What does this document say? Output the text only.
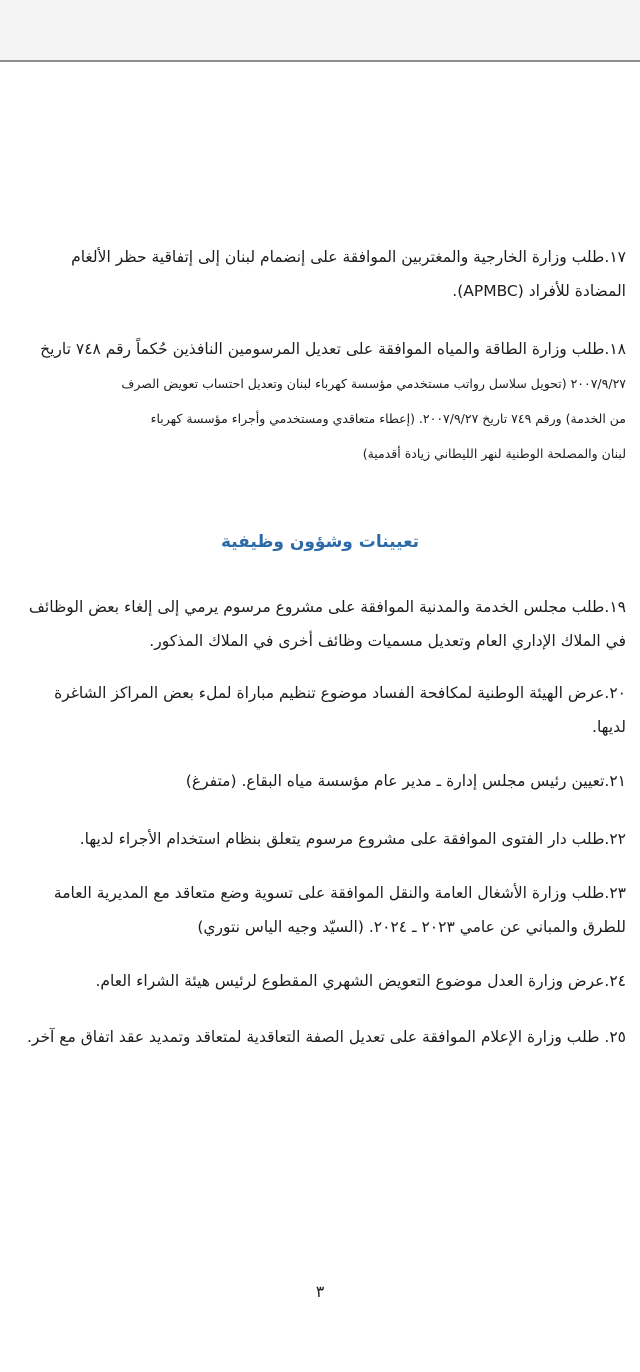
١٧.طلب وزارة الخارجية والمغتربين الموافقة على إنضمام لبنان إلى إتفاقية حظر الألغام
المضادة للأفراد (APMBC).
١٨.طلب وزارة الطاقة والمياه الموافقة على تعديل المرسومين النافذين حُكماً رقم ٧٤٨ تاريخ
٢٠٠٧/٩/٢٧ (تحويل سلاسل رواتب مستخدمي مؤسسة كهرباء لبنان وتعديل احتساب تعويض الصرف
من الخدمة) ورقم ٧٤٩ تاريخ ٢٠٠٧/٩/٢٧. (إعطاء متعاقدي ومستخدمي وأجراء مؤسسة كهرباء
لبنان والمصلحة الوطنية لنهر الليطاني زيادة أقدمية)
تعيينات وشؤون وظيفية
١٩.طلب مجلس الخدمة والمدنية الموافقة على مشروع مرسوم يرمي إلى إلغاء بعض الوظائف
في الملاك الإداري العام وتعديل مسميات وظائف أخرى في الملاك المذكور.
٢٠.عرض الهيئة الوطنية لمكافحة الفساد موضوع تنظيم مباراة لملء بعض المراكز الشاغرة
لديها.
٢١.تعيين رئيس مجلس إدارة ـ مدير عام مؤسسة مياه البقاع. (متفرغ)
٢٢.طلب دار الفتوى الموافقة على مشروع مرسوم يتعلق بنظام استخدام الأجراء لديها.
٢٣.طلب وزارة الأشغال العامة والنقل الموافقة على تسوية وضع متعاقد مع المديرية العامة
للطرق والمباني عن عامي ٢٠٢٣ ـ ٢٠٢٤. (السيّد وجيه الياس نتوري)
٢٤.عرض وزارة العدل موضوع التعويض الشهري المقطوع لرئيس هيئة الشراء العام.
٢٥. طلب وزارة الإعلام الموافقة على تعديل الصفة التعاقدية لمتعاقد وتمديد عقد اتفاق مع آخر.
٣
